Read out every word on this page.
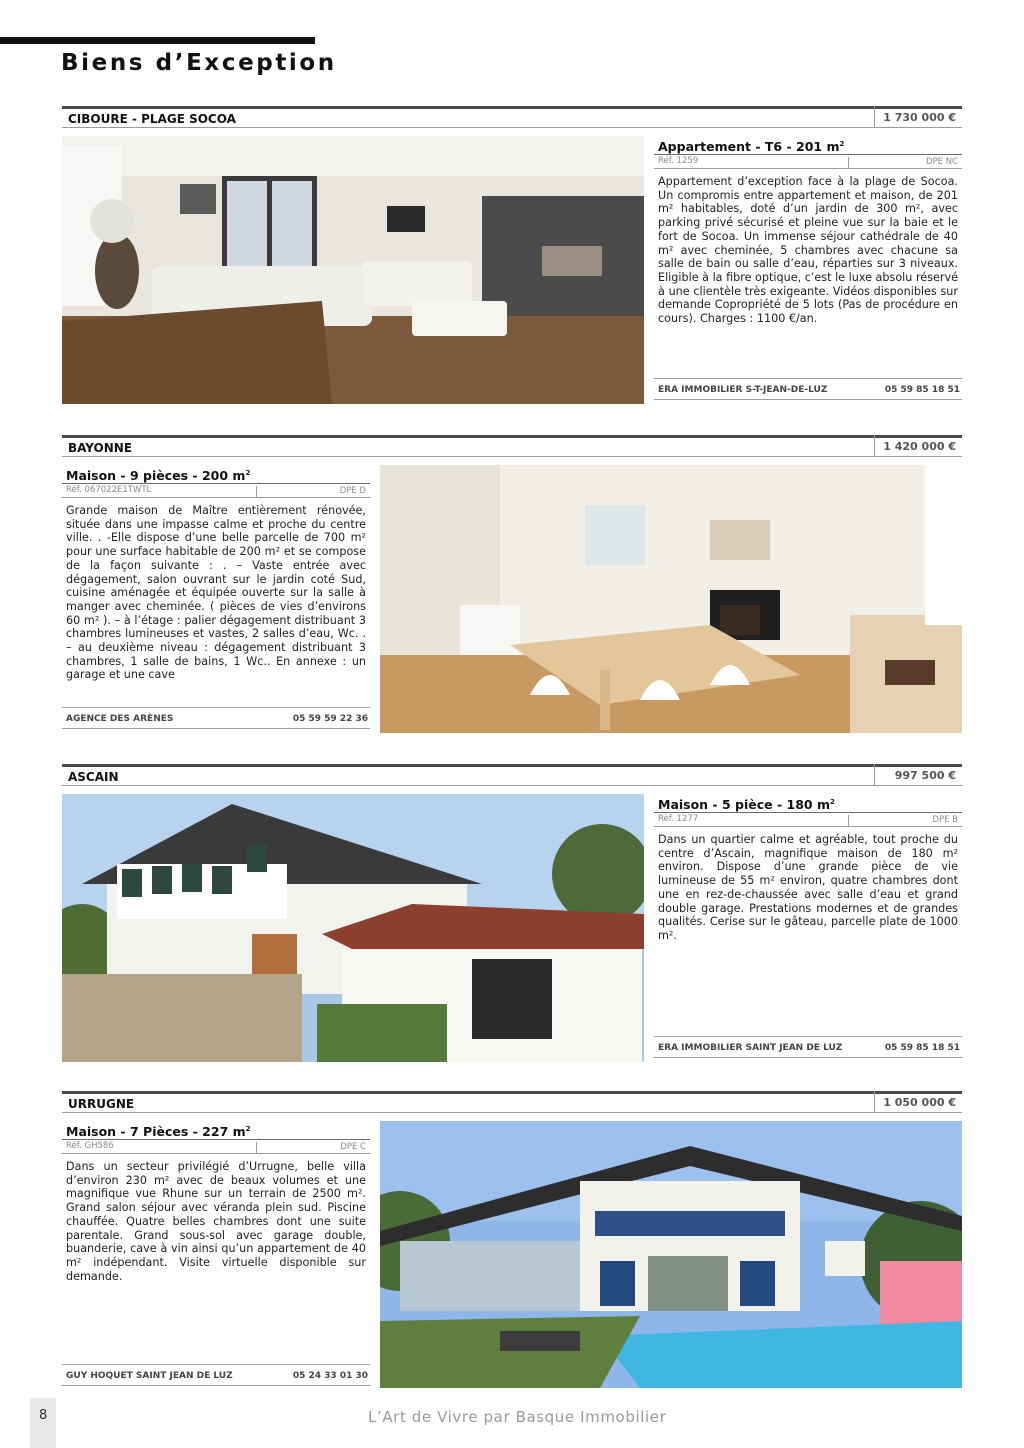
Biens d’Exception
CIBOURE - PLAGE SOCOA	1 730 000 €
Appartement - T6 - 201 $m^2$
Réf. 1259	DPE NC

Appartement d’exception face à la plage de Socoa. Un compromis entre appartement et maison, de 201 m² habitables, doté d’un jardin de 300 m², avec parking privé sécurisé et pleine vue sur la baie et le fort de Socoa. Un immense séjour cathédrale de 40 m² avec cheminée, 5 chambres avec chacune sa salle de bain ou salle d’eau, réparties sur 3 niveaux. Eligible à la fibre optique, c’est le luxe absolu réservé à une clientèle très exigeante. Vidéos disponibles sur demande Copropriété de 5 lots (Pas de procédure en cours). Charges : 1100 €/an.

ERA IMMOBILIER S-T-JEAN-DE-LUZ	05 59 85 18 51
BAYONNE	1 420 000 €
Maison - 9 pièces - 200 $m^2$
Réf. 067022E1TWTL	DPE D

Grande maison de Maître entièrement rénovée, située dans une impasse calme et proche du centre ville. . -Elle dispose d’une belle parcelle de 700 m² pour une surface habitable de 200 m² et se compose de la façon suivante : . – Vaste entrée avec dégagement, salon ouvrant sur le jardin coté Sud, cuisine aménagée et équipée ouverte sur la salle à manger avec cheminée. ( pièces de vies d’environs 60 m² ). – à l’étage : palier dégagement distribuant 3 chambres lumineuses et vastes, 2 salles d’eau, Wc. . – au deuxième niveau : dégagement distribuant 3 chambres, 1 salle de bains, 1 Wc.. En annexe : un garage et une cave

AGENCE DES ARÈNES	05 59 59 22 36
ASCAIN	997 500 €
Maison - 5 pièce - 180 $m^2$
Réf. 1277	DPE B

Dans un quartier calme et agréable, tout proche du centre d’Ascain, magnifique maison de 180 m² environ. Dispose d’une grande pièce de vie lumineuse de 55 m² environ, quatre chambres dont une en rez-de-chaussée avec salle d’eau et grand double garage. Prestations modernes et de grandes qualités. Cerise sur le gâteau, parcelle plate de 1000 m².

ERA IMMOBILIER SAINT JEAN DE LUZ	05 59 85 18 51
URRUGNE	1 050 000 €
Maison - 7 Pièces - 227 $m^2$
Réf. GH586	DPE C

Dans un secteur privilégié d’Urrugne, belle villa d’environ 230 m² avec de beaux volumes et une magnifique vue Rhune sur un terrain de 2500 m². Grand salon séjour avec véranda plein sud. Piscine chauffée. Quatre belles chambres dont une suite parentale. Grand sous-sol avec garage double, buanderie, cave à vin ainsi qu’un appartement de 40 m² indépendant. Visite virtuelle disponible sur demande.

GUY HOQUET SAINT JEAN DE LUZ	05 24 33 01 30
8	L’Art de Vivre par Basque Immobilier
